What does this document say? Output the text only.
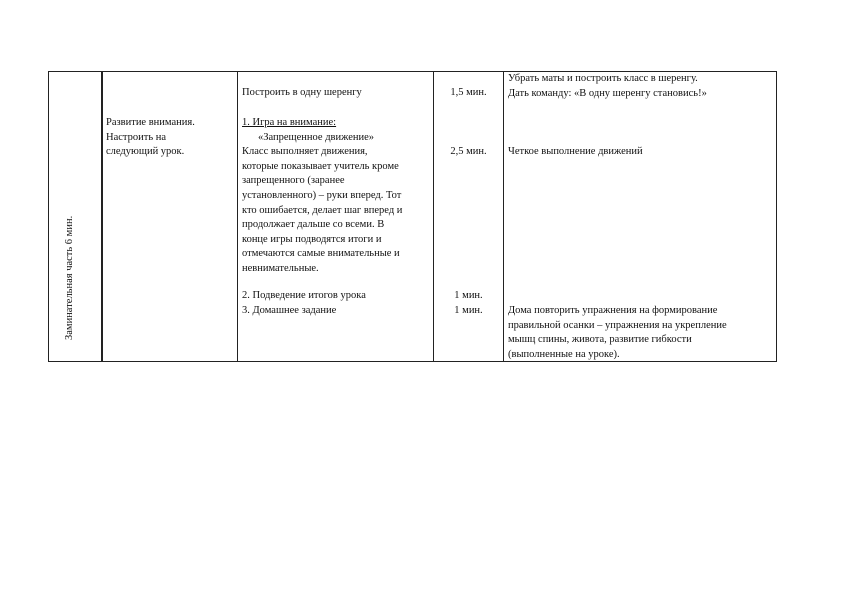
Заминательная часть 6 мин.
Развитие внимания.
Настроить на
следующий урок.
Построить в одну шеренгу
1. Игра на внимание:
«Запрещенное движение»
Класс выполняет движения,
которые показывает учитель кроме
запрещенного (заранее
установленного) – руки вперед. Тот
кто ошибается, делает шаг вперед и
продолжает дальше со всеми. В
конце игры подводятся итоги и
отмечаются самые внимательные и
невнимательные.
2. Подведение итогов урока
3. Домашнее задание
1,5 мин.
2,5 мин.
1 мин.
1 мин.
Убрать маты и построить класс в шеренгу.
Дать команду: «В одну шеренгу становись!»
Четкое выполнение движений
Дома повторить упражнения на формирование
правильной осанки – упражнения на укрепление
мышц спины, живота, развитие гибкости
(выполненные на уроке).
